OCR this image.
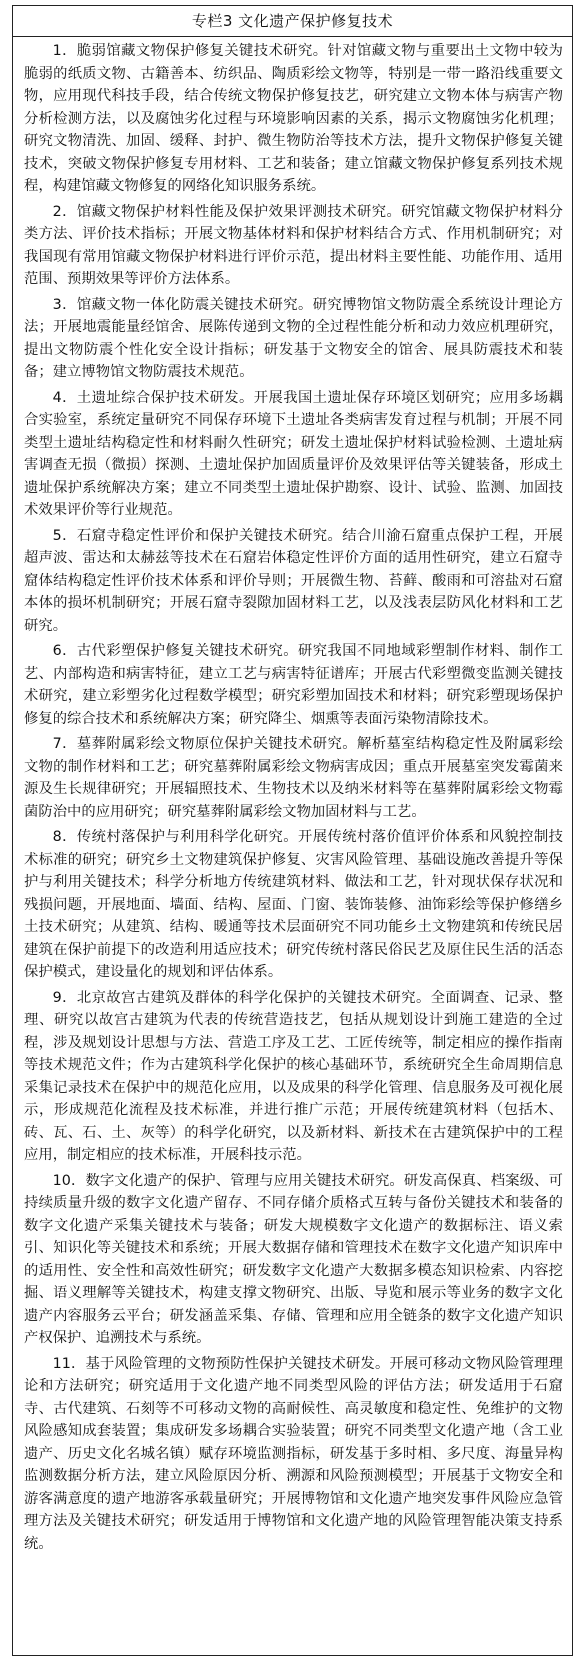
专栏3 文化遗产保护修复技术

1．脆弱馆藏文物保护修复关键技术研究。针对馆藏文物与重要出土文物中较为脆弱的纸质文物、古籍善本、纺织品、陶质彩绘文物等，特别是一带一路沿线重要文物，应用现代科技手段，结合传统文物保护修复技艺，研究建立文物本体与病害产物分析检测方法，以及腐蚀劣化过程与环境影响因素的关系，揭示文物腐蚀劣化机理；研究文物清洗、加固、缓释、封护、微生物防治等技术方法，提升文物保护修复关键技术，突破文物保护修复专用材料、工艺和装备；建立馆藏文物保护修复系列技术规程，构建馆藏文物修复的网络化知识服务系统。

2．馆藏文物保护材料性能及保护效果评测技术研究。研究馆藏文物保护材料分类方法、评价技术指标；开展文物基体材料和保护材料结合方式、作用机制研究；对我国现有常用馆藏文物保护材料进行评价示范，提出材料主要性能、功能作用、适用范围、预期效果等评价方法体系。

3．馆藏文物一体化防震关键技术研究。研究博物馆文物防震全系统设计理论方法；开展地震能量经馆舍、展陈传递到文物的全过程性能分析和动力效应机理研究，提出文物防震个性化安全设计指标；研发基于文物安全的馆舍、展具防震技术和装备；建立博物馆文物防震技术规范。

4．土遗址综合保护技术研发。开展我国土遗址保存环境区划研究；应用多场耦合实验室，系统定量研究不同保存环境下土遗址各类病害发育过程与机制；开展不同类型土遗址结构稳定性和材料耐久性研究；研发土遗址保护材料试验检测、土遗址病害调查无损（微损）探测、土遗址保护加固质量评价及效果评估等关键装备，形成土遗址保护系统解决方案；建立不同类型土遗址保护勘察、设计、试验、监测、加固技术效果评价等行业规范。

5．石窟寺稳定性评价和保护关键技术研究。结合川渝石窟重点保护工程，开展超声波、雷达和太赫兹等技术在石窟岩体稳定性评价方面的适用性研究，建立石窟寺窟体结构稳定性评价技术体系和评价导则；开展微生物、苔藓、酸雨和可溶盐对石窟本体的损坏机制研究；开展石窟寺裂隙加固材料工艺，以及浅表层防风化材料和工艺研究。

6．古代彩塑保护修复关键技术研究。研究我国不同地域彩塑制作材料、制作工艺、内部构造和病害特征，建立工艺与病害特征谱库；开展古代彩塑微变监测关键技术研究，建立彩塑劣化过程数学模型；研究彩塑加固技术和材料；研究彩塑现场保护修复的综合技术和系统解决方案；研究降尘、烟熏等表面污染物清除技术。

7．墓葬附属彩绘文物原位保护关键技术研究。解析墓室结构稳定性及附属彩绘文物的制作材料和工艺；研究墓葬附属彩绘文物病害成因；重点开展墓室突发霉菌来源及生长规律研究；开展辐照技术、生物技术以及纳米材料等在墓葬附属彩绘文物霉菌防治中的应用研究；研究墓葬附属彩绘文物加固材料与工艺。

8．传统村落保护与利用科学化研究。开展传统村落价值评价体系和风貌控制技术标准的研究；研究乡土文物建筑保护修复、灾害风险管理、基础设施改善提升等保护与利用关键技术；科学分析地方传统建筑材料、做法和工艺，针对现状保存状况和残损问题，开展地面、墙面、结构、屋面、门窗、装饰装修、油饰彩绘等保护修缮乡土技术研究；从建筑、结构、暖通等技术层面研究不同功能乡土文物建筑和传统民居建筑在保护前提下的改造利用适应技术；研究传统村落民俗民艺及原住民生活的活态保护模式，建设量化的规划和评估体系。

9．北京故宫古建筑及群体的科学化保护的关键技术研究。全面调查、记录、整理、研究以故宫古建筑为代表的传统营造技艺，包括从规划设计到施工建造的全过程，涉及规划设计思想与方法、营造工序及工艺、工匠传统等，制定相应的操作指南等技术规范文件；作为古建筑科学化保护的核心基础环节，系统研究全生命周期信息采集记录技术在保护中的规范化应用，以及成果的科学化管理、信息服务及可视化展示，形成规范化流程及技术标准，并进行推广示范；开展传统建筑材料（包括木、砖、瓦、石、土、灰等）的科学化研究，以及新材料、新技术在古建筑保护中的工程应用，制定相应的技术标准，开展科技示范。

10．数字文化遗产的保护、管理与应用关键技术研究。研发高保真、档案级、可持续质量升级的数字文化遗产留存、不同存储介质格式互转与备份关键技术和装备的数字文化遗产采集关键技术与装备；研发大规模数字文化遗产的数据标注、语义索引、知识化等关键技术和系统；开展大数据存储和管理技术在数字文化遗产知识库中的适用性、安全性和高效性研究；研发数字文化遗产大数据多模态知识检索、内容挖掘、语义理解等关键技术，构建支撑文物研究、出版、导览和展示等业务的数字文化遗产内容服务云平台；研发涵盖采集、存储、管理和应用全链条的数字文化遗产知识产权保护、追溯技术与系统。

11．基于风险管理的文物预防性保护关键技术研发。开展可移动文物风险管理理论和方法研究；研究适用于文化遗产地不同类型风险的评估方法；研发适用于石窟寺、古代建筑、石刻等不可移动文物的高耐候性、高灵敏度和稳定性、免维护的文物风险感知成套装置；集成研发多场耦合实验装置；研究不同类型文化遗产地（含工业遗产、历史文化名城名镇）赋存环境监测指标，研发基于多时相、多尺度、海量异构监测数据分析方法，建立风险原因分析、溯源和风险预测模型；开展基于文物安全和游客满意度的遗产地游客承载量研究；开展博物馆和文化遗产地突发事件风险应急管理方法及关键技术研究；研发适用于博物馆和文化遗产地的风险管理智能决策支持系统。
